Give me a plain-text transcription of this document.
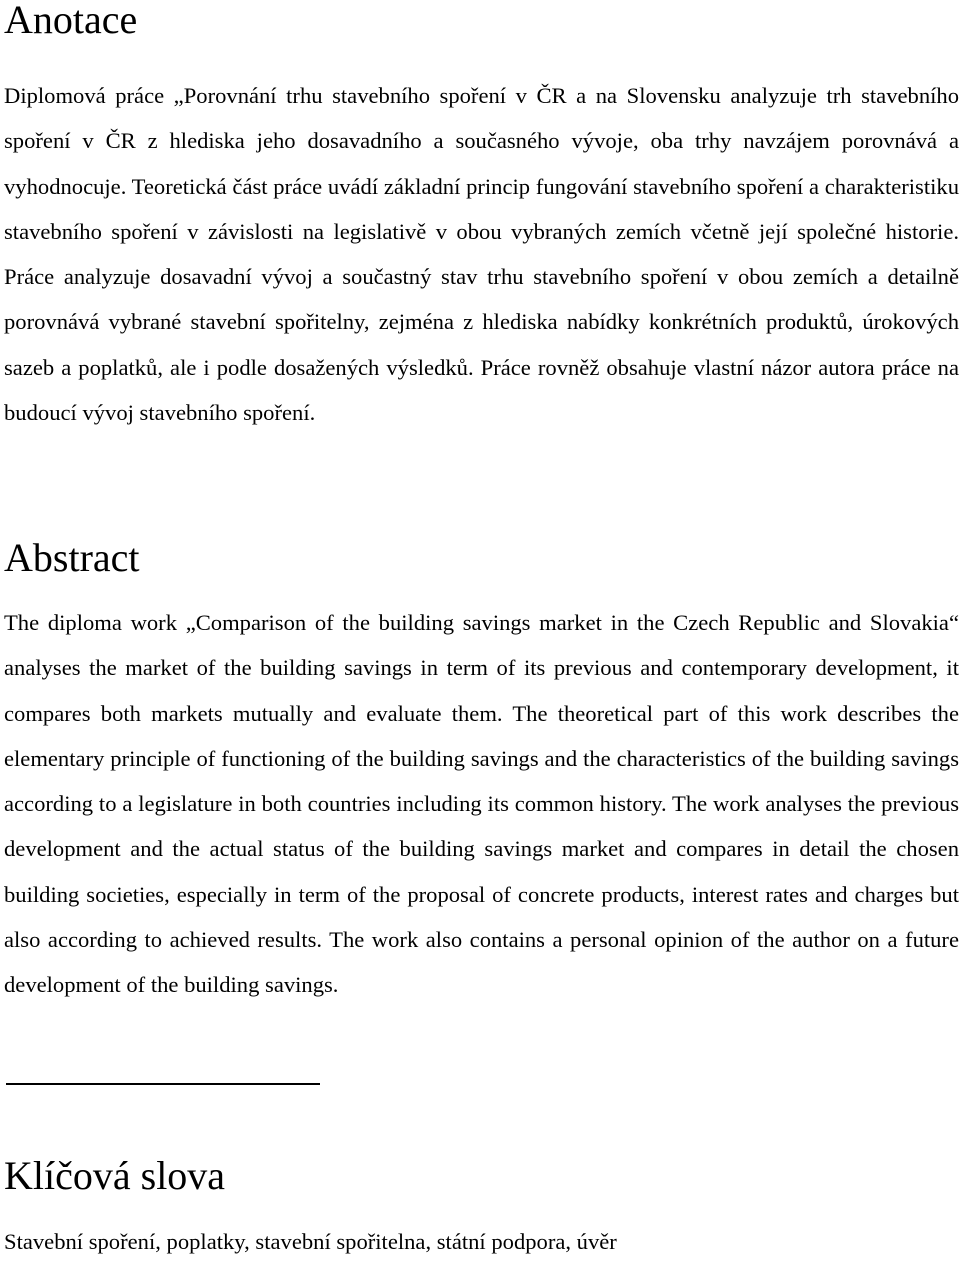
Anotace

Diplomová práce „Porovnání trhu stavebního spoření v ČR a na Slovensku analyzuje trh stavebního spoření v ČR z hlediska jeho dosavadního a současného vývoje, oba trhy navzájem porovnává a vyhodnocuje. Teoretická část práce uvádí základní princip fungování stavebního spoření a charakteristiku stavebního spoření v závislosti na legislativě v obou vybraných zemích včetně její společné historie. Práce analyzuje dosavadní vývoj a součastný stav trhu stavebního spoření v obou zemích a detailně porovnává vybrané stavební spořitelny, zejména z hlediska nabídky konkrétních produktů, úrokových sazeb a poplatků, ale i podle dosažených výsledků. Práce rovněž obsahuje vlastní názor autora práce na budoucí vývoj stavebního spoření.

Abstract

The diploma work „Comparison of the building savings market in the Czech Republic and Slovakia“ analyses the market of the building savings in term of its previous and contemporary development, it compares both markets mutually and evaluate them. The theoretical part of this work describes the elementary principle of functioning of the building savings and the characteristics of the building savings according to a legislature in both countries including its common history. The work analyses the previous development and the actual status of the building savings market and compares in detail the chosen building societies, especially in term of the proposal of concrete products, interest rates and charges but also according to achieved results. The work also contains a personal opinion of the author on a future development of the building savings.

Klíčová slova

Stavební spoření, poplatky, stavební spořitelna, státní podpora, úvěr
